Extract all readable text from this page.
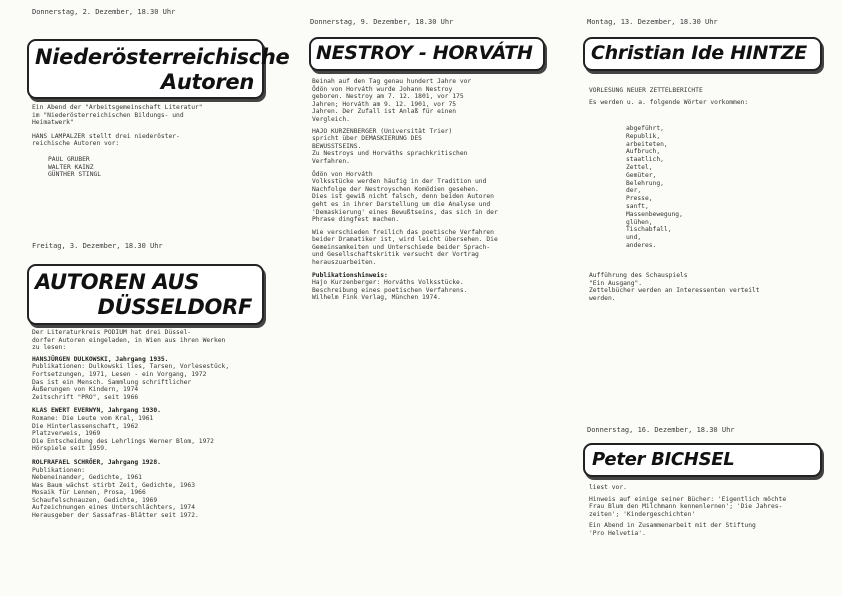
Donnerstag, 2. Dezember, 18.30 Uhr
Niederösterreichische
Autoren
Ein Abend der "Arbeitsgemeinschaft Literatur"
im "Niederösterreichischen Bildungs- und
Heimatwerk"
HANS LAMPALZER stellt drei niederöster-
reichische Autoren vor:
PAUL GRUBER
WALTER KAINZ
GÜNTHER STINGL
Freitag, 3. Dezember, 18.30 Uhr
AUTOREN AUS
DÜSSELDORF
Der Literaturkreis PODIUM hat drei Düssel-
dorfer Autoren eingeladen, in Wien aus ihren Werken
zu lesen:
HANSJÜRGEN DULKOWSKI, Jahrgang 1935.
Publikationen: Dulkowski lies, Tarsen, Vorlesestück,
Fortsetzungen, 1971, Lesen - ein Vorgang, 1972
Das ist ein Mensch. Sammlung schriftlicher
Äußerungen von Kindern, 1974
Zeitschrift "PRO", seit 1966
KLAS EWERT EVERWYN, Jahrgang 1930.
Romane: Die Leute vom Kral, 1961
Die Hinterlassenschaft, 1962
Platzverweis, 1969
Die Entscheidung des Lehrlings Werner Blom, 1972
Hörspiele seit 1959.
ROLFRAFAEL SCHRÖER, Jahrgang 1928.
Publikationen:
Nebeneinander, Gedichte, 1961
Was Baum wächst stirbt Zeit, Gedichte, 1963
Mosaik für Lennen, Prosa, 1966
Schaufelschnauzen, Gedichte, 1969
Aufzeichnungen eines Unterschlächters, 1974
Herausgeber der Sassafras-Blätter seit 1972.
Donnerstag, 9. Dezember, 18.30 Uhr
NESTROY - HORVÁTH
Beinah auf den Tag genau hundert Jahre vor
Ödön von Horváth wurde Johann Nestroy
geboren. Nestroy am 7. 12. 1801, vor 175
Jahren; Horváth am 9. 12. 1901, vor 75
Jahren. Der Zufall ist Anlaß für einen
Vergleich.
HAJO KURZENBERGER (Universität Trier)
spricht über DEMASKIERUNG DES
BEWUSSTSEINS.
Zu Nestroys und Horváths sprachkritischen
Verfahren.
Ödön von Horváth
Volksstücke werden häufig in der Tradition und
Nachfolge der Nestroyschen Komödien gesehen.
Dies ist gewiß nicht falsch, denn beiden Autoren
geht es in ihrer Darstellung um die Analyse und
'Demaskierung' eines Bewußtseins, das sich in der
Phrase dingfest machen.
Wie verschieden freilich das poetische Verfahren
beider Dramatiker ist, wird leicht übersehen. Die
Gemeinsamkeiten und Unterschiede beider Sprach-
und Gesellschaftskritik versucht der Vortrag
herauszuarbeiten.
Publikationshinweis:
Hajo Kurzenberger: Horváths Volksstücke.
Beschreibung eines poetischen Verfahrens.
Wilhelm Fink Verlag, München 1974.
Montag, 13. Dezember, 18.30 Uhr
Christian Ide HINTZE
VORLESUNG NEUER ZETTELBERICHTE
Es werden u. a. folgende Wörter vorkommen:
abgeführt,
Republik,
arbeiteten,
Aufbruch,
staatlich,
Zettel,
Gemüter,
Belehrung,
der,
Presse,
sanft,
Massenbewegung,
glühen,
Tischabfall,
und,
anderes.
Aufführung des Schauspiels
"Ein Ausgang".
Zettelbücher werden an Interessenten verteilt
werden.
Donnerstag, 16. Dezember, 18.30 Uhr
Peter BICHSEL
liest vor.
Hinweis auf einige seiner Bücher: 'Eigentlich möchte
Frau Blum den Milchmann kennenlernen'; 'Die Jahres-
zeiten'; 'Kindergeschichten'
Ein Abend in Zusammenarbeit mit der Stiftung
'Pro Helvetia'.
